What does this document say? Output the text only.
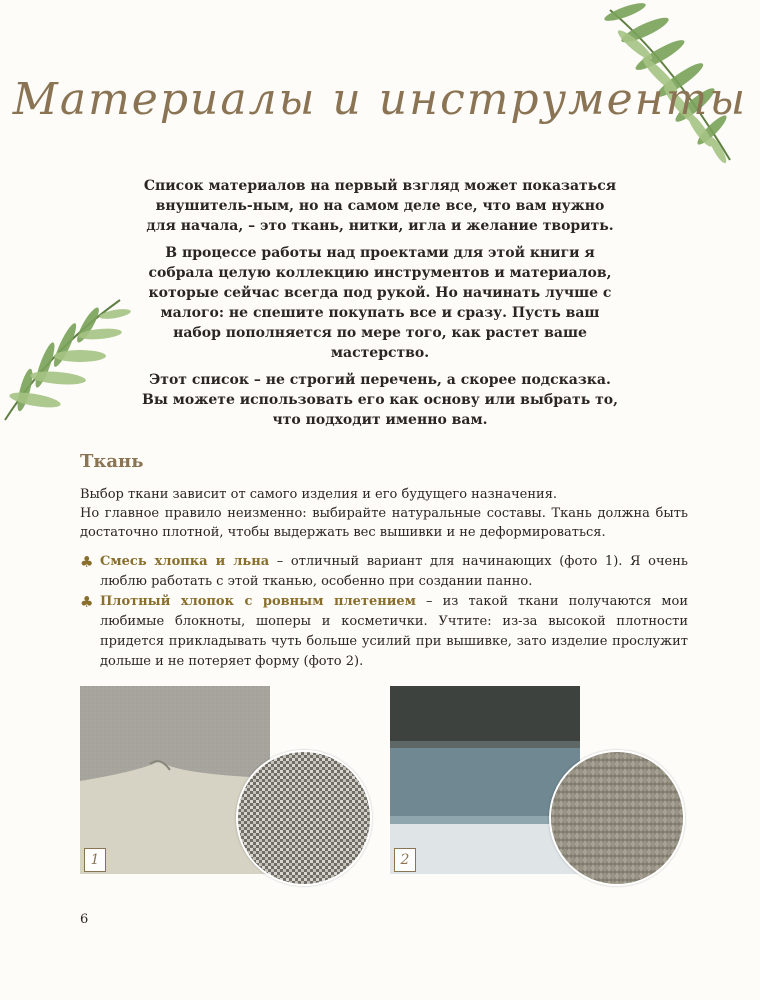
Материалы и инструменты

Список материалов на первый взгляд может показаться внушитель-ным, но на самом деле все, что вам нужно для начала, – это ткань, нитки, игла и желание творить.

В процессе работы над проектами для этой книги я собрала целую коллекцию инструментов и материалов, которые сейчас всегда под рукой. Но начинать лучше с малого: не спешите покупать все и сразу. Пусть ваш набор пополняется по мере того, как растет ваше мастерство.

Этот список – не строгий перечень, а скорее подсказка. Вы можете использовать его как основу или выбрать то, что подходит именно вам.

Ткань

Выбор ткани зависит от самого изделия и его будущего назначения.

Но главное правило неизменно: выбирайте натуральные составы. Ткань должна быть достаточно плотной, чтобы выдержать вес вышивки и не деформироваться.

♣ Смесь хлопка и льна – отличный вариант для начинающих (фото 1). Я очень люблю работать с этой тканью, особенно при создании панно.
♣ Плотный хлопок с ровным плетением – из такой ткани получаются мои любимые блокноты, шоперы и косметички. Учтите: из-за высокой плотности придется прикладывать чуть больше усилий при вышивке, зато изделие прослужит дольше и не потеряет форму (фото 2).
1	2
6
